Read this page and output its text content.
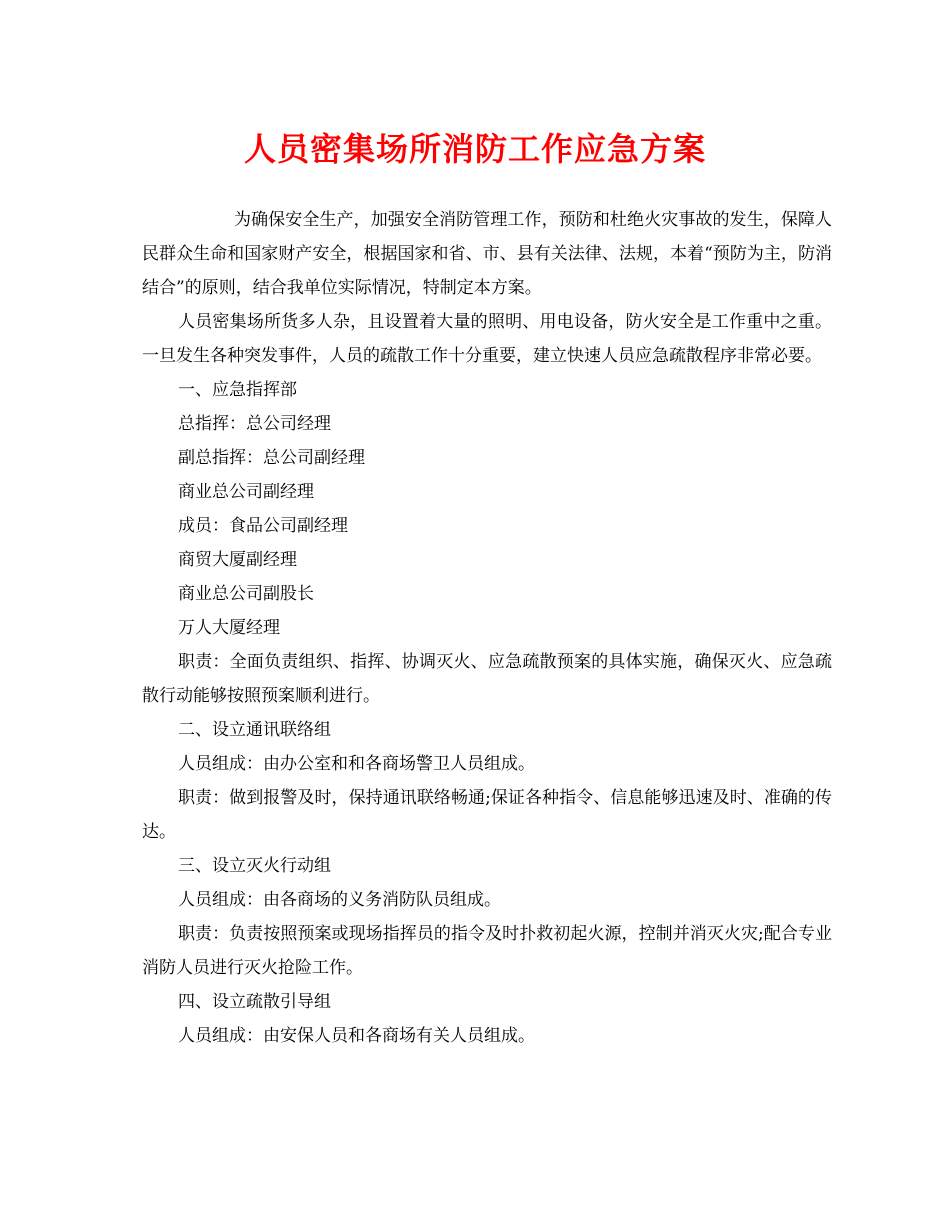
人员密集场所消防工作应急方案

为确保安全生产，加强安全消防管理工作，预防和杜绝火灾事故的发生，保障人民群众生命和国家财产安全，根据国家和省、市、县有关法律、法规，本着“预防为主，防消结合”的原则，结合我单位实际情况，特制定本方案。

人员密集场所货多人杂，且设置着大量的照明、用电设备，防火安全是工作重中之重。一旦发生各种突发事件，人员的疏散工作十分重要，建立快速人员应急疏散程序非常必要。

一、应急指挥部

总指挥：总公司经理

副总指挥：总公司副经理

商业总公司副经理

成员：食品公司副经理

商贸大厦副经理

商业总公司副股长

万人大厦经理

职责：全面负责组织、指挥、协调灭火、应急疏散预案的具体实施，确保灭火、应急疏散行动能够按照预案顺利进行。

二、设立通讯联络组

人员组成：由办公室和和各商场警卫人员组成。

职责：做到报警及时，保持通讯联络畅通;保证各种指令、信息能够迅速及时、准确的传达。

三、设立灭火行动组

人员组成：由各商场的义务消防队员组成。

职责：负责按照预案或现场指挥员的指令及时扑救初起火源，控制并消灭火灾;配合专业消防人员进行灭火抢险工作。

四、设立疏散引导组

人员组成：由安保人员和各商场有关人员组成。
